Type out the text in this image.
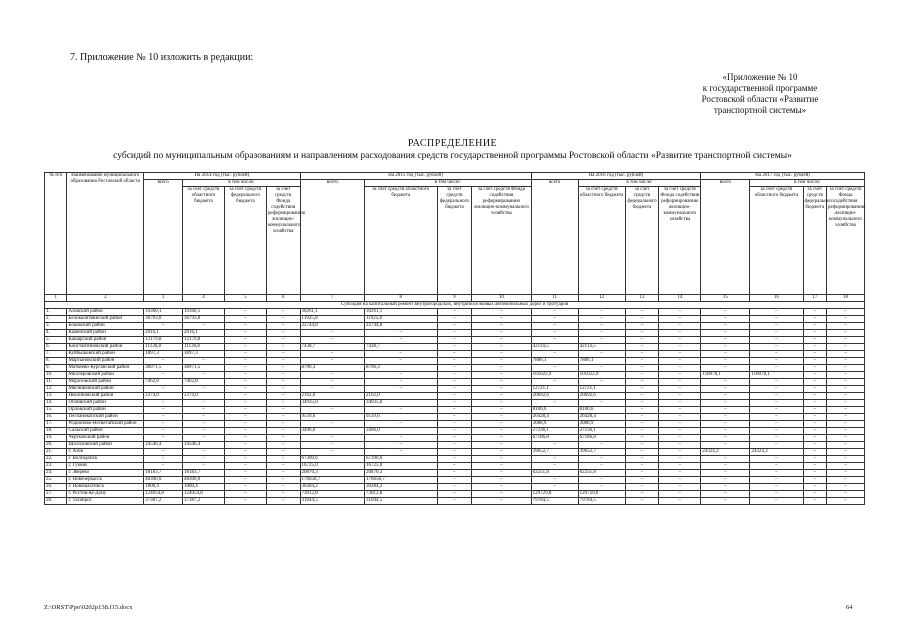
7. Приложение № 10 изложить в редакции:
«Приложение № 10
к государственной программе
Ростовской области «Развитие
транспортной системы»
РАСПРЕДЕЛЕНИЕ
субсидий по муниципальным образованиям и направлениям расходования средств государственной программы Ростовской области «Развитие транспортной системы»
№ п/п	Наименование муниципального образования Ростовской области	На 2014 год (тыс. рублей)				На 2015 год (тыс. рублей)				На 2016 год (тыс. рублей)				На 2017 год (тыс. рублей)			
		всего	в том числе:			всего	в том числе:			всего	в том числе:			всего	в том числе:		
			за счет средств областного бюджета	за счет средств федерального бюджета	за счет средств Фонда содействия реформированию жилищно-коммунального хозяйства		за счет средств областного бюджета	за счет средств федерального бюджета	за счет средств Фонда содействия реформированию жилищно-коммунального хозяйства		за счет средств областного бюджета	за счет средств федерального бюджета	за счет средств Фонда содействия реформированию жилищно-коммунального хозяйства		за счет средств областного бюджета	за счет средств федерального бюджета	за счет средств Фонда содействия реформированию жилищно-коммунального хозяйства
1	2	3	4	5	6	7	8	9	10	11	12	13	14	15	16	17	18
Субсидия на капитальный ремонт внутригородских, внутрипоселковых автомобильных дорог и тротуаров																	
1.	Азовский район	19360,1	19360,1	–	–	30261,1	30261,1	–	–	–	–	–	–	–	–	–	–
2.	Белокалитвинский район	36793,0	36793,0	–	–	11925,8	11925,8	–	–	–	–	–	–	–	–	–	–
3.	Боковский район	–	–	–	–	22744,8	22744,8	–	–	–	–	–	–	–	–	–	–
4.	Каменский район	2016,1	2016,1	–	–	–	–	–	–	–	–	–	–	–	–	–	–
5.	Кашарский район	12179,8	12179,8	–	–	–	–	–	–	–	–	–	–	–	–	–	–
6.	Константиновский район	11136,8	11136,8	–	–	7438,7	7438,7	–	–	42114,5	42114,5	–	–	–	–	–	–
7.	Куйбышевский район	1897,3	1897,3	–	–	–	–	–	–	–	–	–	–	–	–	–	–
8.	Мартыновский район	–	–	–	–	–	–	–	–	7886,1	7886,1	–	–	–	–	–	–
9.	Матвеево-Курганский район	38971,5	38971,5	–	–	8796,3	8796,3	–	–	–	–	–	–	–	–	–	–
10.	Миллеровский район	–	–	–	–	–	–	–	–	101022,9	101022,9	–	–	118078,1	118078,1	–	–
11.	Морозовский район	7462,8	7462,8	–	–	–	–	–	–	–	–	–	–	–	–	–	–
12.	Мясниковский район	–	–	–	–	–	–	–	–	12721,1	12721,1	–	–	–	–	–	–
13.	Неклиновский район	2374,0	2374,0	–	–	2162,0	2162,0	–	–	20692,6	20692,6	–	–	–	–	–	–
14.	Обливский район	–	–	–	–	34935,0	34935,0	–	–	–	–	–	–	–	–	–	–
15.	Орловский район	–	–	–	–	–	–	–	–	8100,6	8100,6	–	–	–	–	–	–
16.	Песчанокопский район	–	–	–	–	9539,6	9539,6	–	–	26428,4	26428,4	–	–	–	–	–	–
17.	Родионово-Несветайский район	–	–	–	–	–	–	–	–	3088,9	3088,9	–	–	–	–	–	–
18.	Сальский район	–	–	–	–	3496,0	3496,0	–	–	27236,1	27236,1	–	–	–	–	–	–
19.	Чертковский район	–	–	–	–	–	–	–	–	67186,8	67186,8	–	–	–	–	–	–
20.	Шолоховский район	34546,4	34546,4	–	–	–	–	–	–	–	–	–	–	–	–	–	–
21.	г. Азов	–	–	–	–	–	–	–	–	39652,7	39652,7	–	–	24324,3	24324,3	–	–
22.	г. Волгодонск	–	–	–	–	67390,6	67390,6	–	–	–	–	–	–	–	–	–	–
23.	г. Гуково	–	–	–	–	16725,0	16725,0	–	–	–	–	–	–	–	–	–	–
24.	г. Зверево	18183,7	18183,7	–	–	20870,3	20870,3	–	–	62251,8	62251,8	–	–	–	–	–	–
25.	г. Новочеркасск	48300,0	48300,0	–	–	176658,7	176658,7	–	–	–	–	–	–	–	–	–	–
26.	г. Новошахтинск	1800,4	1800,4	–	–	30284,2	30284,2	–	–	–	–	–	–	–	–	–	–
27.	г. Ростов-на-Дону	124054,8	124054,8	–	–	73012,8	73012,8	–	–	129729,8	129729,8	–	–	–	–	–	–
28.	г. Таганрог	37387,2	37387,2	–	–	31044,5	31044,5	–	–	79784,5	79784,5	–	–	–	–	–	–
Z:\ORST\Ppo\0202p138.f15.docx	64
